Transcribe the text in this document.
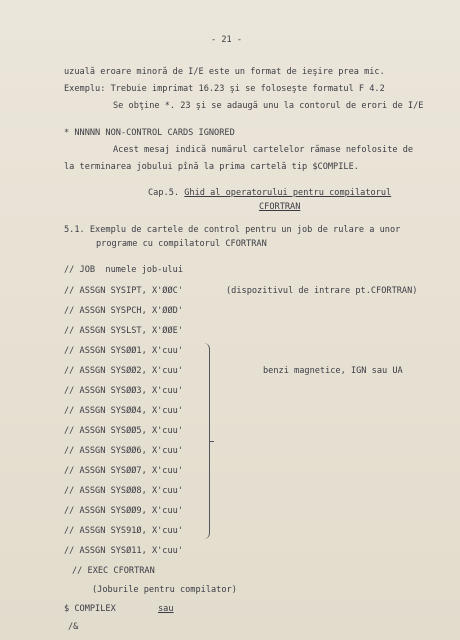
- 21 -
uzuală eroare minoră de I/E este un format de ieşire prea mic.
Exemplu: Trebuie imprimat 16.23 şi se foloseşte formatul F 4.2
Se obţine *. 23 şi se adaugă unu la contorul de erori de I/E
* NNNNN NON-CONTROL CARDS IGNORED
Acest mesaj indică numărul cartelelor rămase nefolosite de
la terminarea jobului pînă la prima cartelă tip $COMPILE.
Cap.5. Ghid al operatorului pentru compilatorul
CFORTRAN
5.1. Exemplu de cartele de control pentru un job de rulare a unor
programe cu compilatorul CFORTRAN
// JOB  numele job-ului
// ASSGN SYSIPT, X'ØØC'
// ASSGN SYSPCH, X'ØØD'
// ASSGN SYSLST, X'ØØE'
// ASSGN SYSØØ1, X'cuu'
// ASSGN SYSØØ2, X'cuu'
// ASSGN SYSØØ3, X'cuu'
// ASSGN SYSØØ4, X'cuu'
// ASSGN SYSØØ5, X'cuu'
// ASSGN SYSØØ6, X'cuu'
// ASSGN SYSØØ7, X'cuu'
// ASSGN SYSØØ8, X'cuu'
// ASSGN SYSØØ9, X'cuu'
// ASSGN SYS91Ø, X'cuu'
// ASSGN SYSØ11, X'cuu'
// EXEC CFORTRAN
(Joburile pentru compilator)
$ COMPILEX
/&
(dispozitivul de intrare pt.CFORTRAN)
benzi magnetice, IGN sau UA
sau
